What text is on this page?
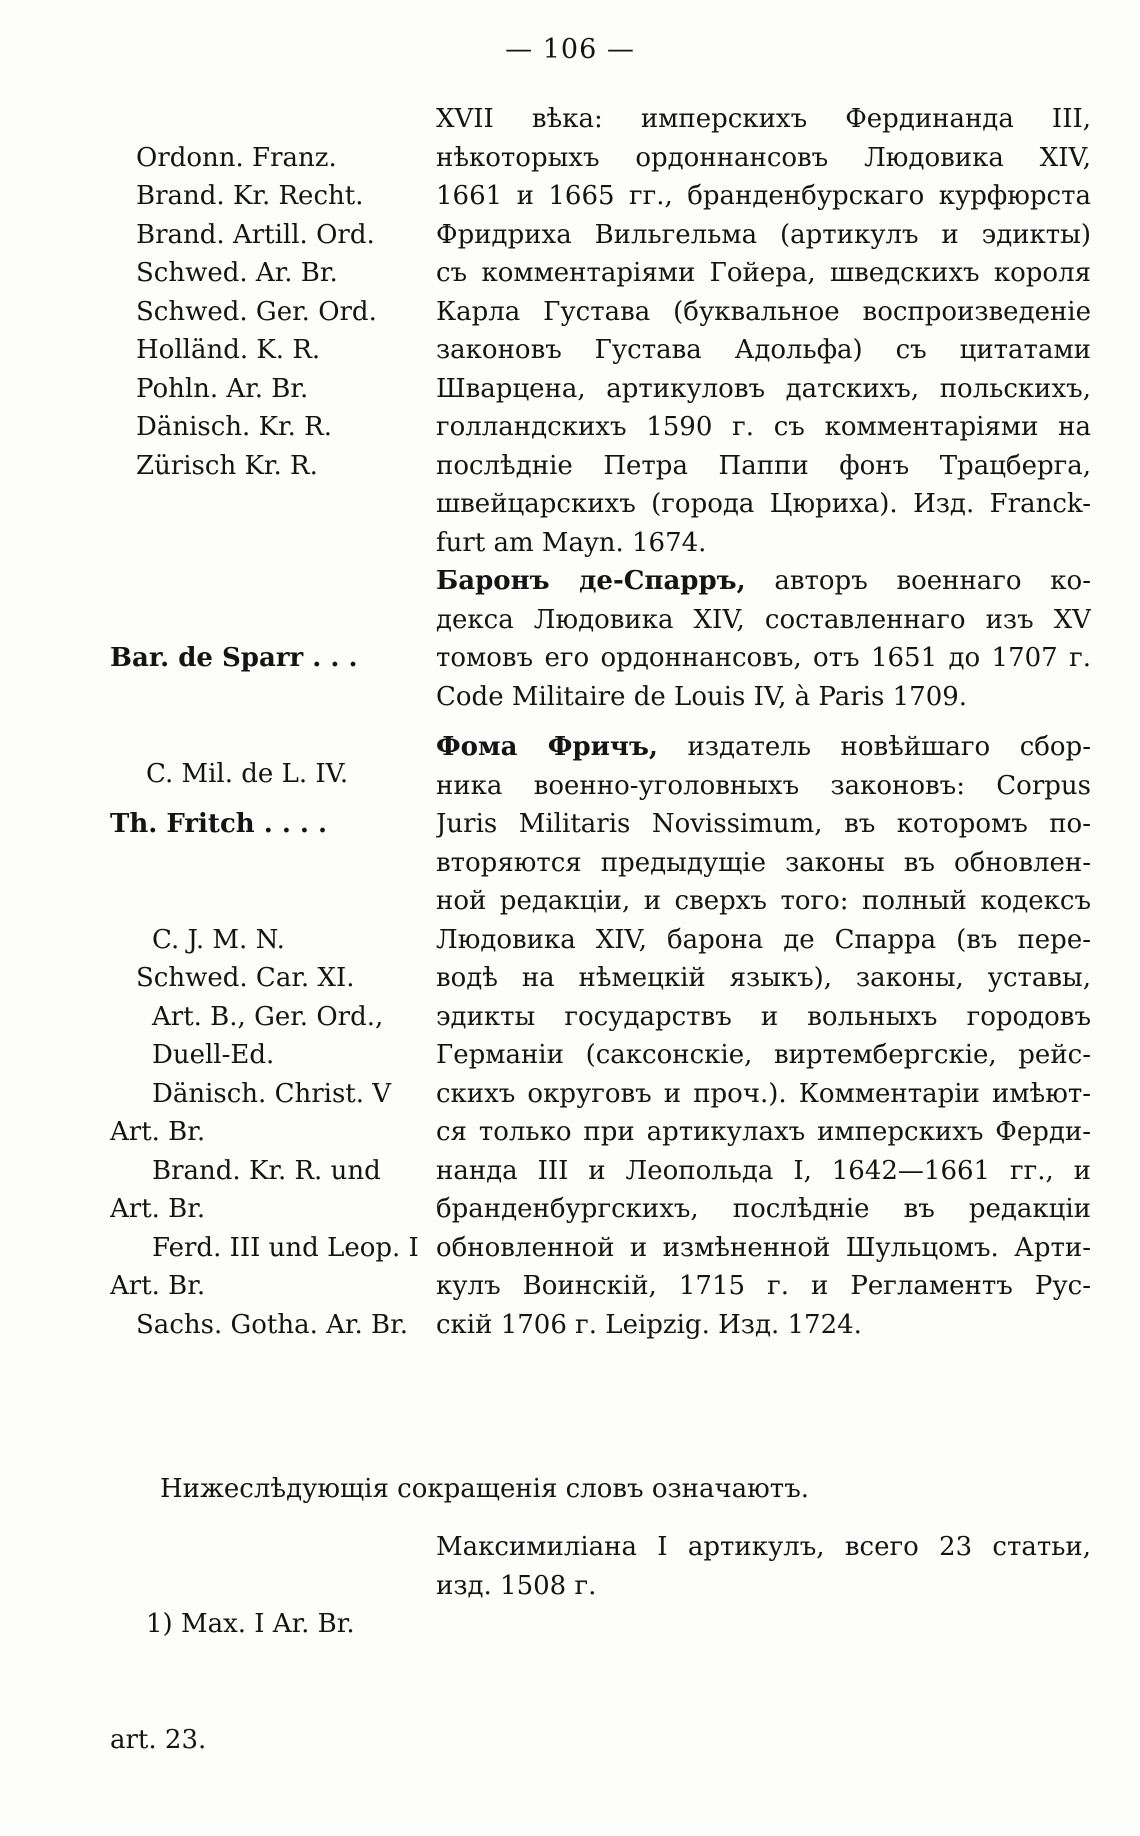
— 106 —

Ordonn. Franz.
Brand. Kr. Recht.
Brand. Artill. Ord.
Schwed. Ar. Br.
Schwed. Ger. Ord.
Holländ. K. R.
Pohln. Ar. Br.
Dänisch. Kr. R.
Zürisch Kr. R.
XVII вѣка: имперскихъ Фердинанда III,
нѣкоторыхъ ордоннансовъ Людовика XIV,
1661 и 1665 гг., бранденбурскаго курфюрста
Фридриха Вильгельма (артикулъ и эдикты)
съ комментаріями Гойера, шведскихъ короля
Карла Густава (буквальное воспроизведеніе
законовъ Густава Адольфа) съ цитатами
Шварцена, артикуловъ датскихъ, польскихъ,
голландскихъ 1590 г. съ комментаріями на
послѣдніе Петра Паппи фонъ Трацберга,
швейцарскихъ (города Цюриха). Изд. Franck-
furt am Mayn. 1674.

Bar. de Sparr . . .

C. Mil. de L. IV.

Баронъ де-Спарръ, авторъ военнаго ко-
декса Людовика XIV, составленнаго изъ XV
томовъ его ордоннансовъ, отъ 1651 до 1707 г.
Code Militaire de Louis IV, à Paris 1709.

Th. Fritch . . . .

C. J. M. N.
Schwed. Car. XI.
Art. B., Ger. Ord.,
Duell-Ed.
Dänisch. Christ. V
Art. Br.
Brand. Kr. R. und
Art. Br.
Ferd. III und Leop. I
Art. Br.
Sachs. Gotha. Ar. Br.
Фома Фричъ, издатель новѣйшаго сбор-
ника военно-уголовныхъ законовъ: Corpus
Juris Militaris Novissimum, въ которомъ по-
вторяются предыдущіе законы въ обновлен-
ной редакціи, и сверхъ того: полный кодексъ
Людовика XIV, барона де Спарра (въ пере-
водѣ на нѣмецкій языкъ), законы, уставы,
эдикты государствъ и вольныхъ городовъ
Германіи (саксонскіе, виртембергскіе, рейс-
скихъ округовъ и проч.). Комментаріи имѣют-
ся только при артикулахъ имперскихъ Ферди-
нанда III и Леопольда I, 1642—1661 гг., и
бранденбургскихъ, послѣдніе въ редакціи
обновленной и измѣненной Шульцомъ. Арти-
кулъ Воинскій, 1715 г. и Регламентъ Рус-
скій 1706 г. Leipzig. Изд. 1724.
Нижеслѣдующія сокращенія словъ означаютъ.

1) Max. I Ar. Br.

art. 23.

Максимиліана I артикулъ, всего 23 статьи,
изд. 1508 г.
